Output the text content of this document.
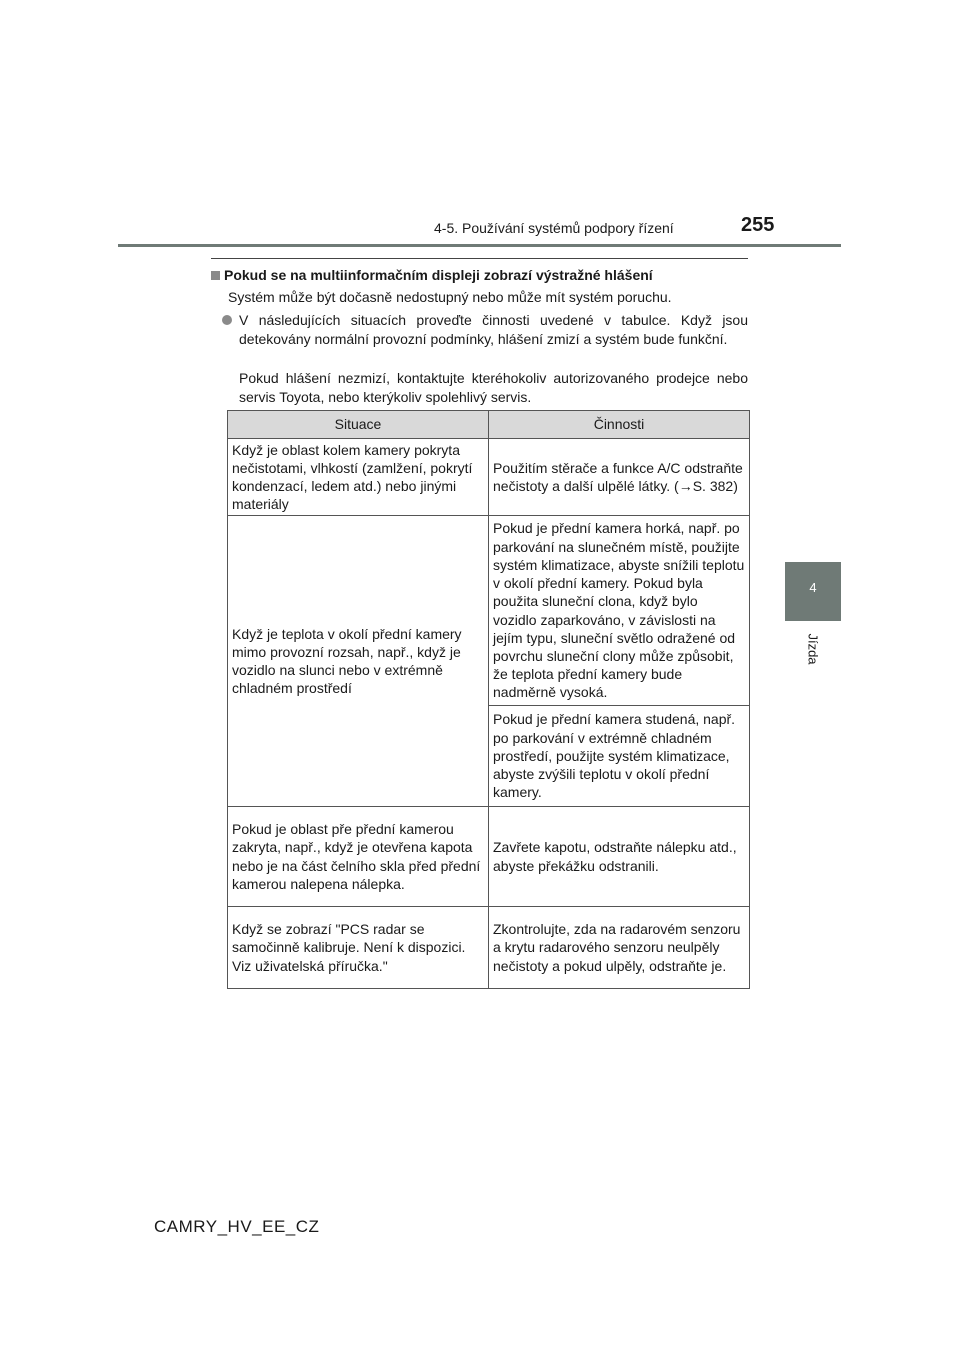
4-5. Používání systémů podpory řízení	255
4
Jízda
Pokud se na multiinformačním displeji zobrazí výstražné hlášení
Systém může být dočasně nedostupný nebo může mít systém poruchu.
V následujících situacích proveďte činnosti uvedené v tabulce. Když jsou detekovány normální provozní podmínky, hlášení zmizí a systém bude funkční.
Pokud hlášení nezmizí, kontaktujte kteréhokoliv autorizovaného prodejce nebo servis Toyota, nebo kterýkoliv spolehlivý servis.
Situace	Činnosti
Když je oblast kolem kamery pokryta nečistotami, vlhkostí (zamlžení, pokrytí kondenzací, ledem atd.) nebo jinými materiály	Použitím stěrače a funkce A/C odstraňte nečistoty a další ulpělé látky. (→S. 382)
Když je teplota v okolí přední kamery mimo provozní rozsah, např., když je vozidlo na slunci nebo v extrémně chladném prostředí	Pokud je přední kamera horká, např. po parkování na slunečném místě, použijte systém klimatizace, abyste snížili teplotu v okolí přední kamery. Pokud byla použita sluneční clona, když bylo vozidlo zaparkováno, v závislosti na jejím typu, sluneční světlo odražené od povrchu sluneční clony může způsobit, že teplota přední kamery bude nadměrně vysoká.
	Pokud je přední kamera studená, např. po parkování v extrémně chladném prostředí, použijte systém klimatizace, abyste zvýšili teplotu v okolí přední kamery.
Pokud je oblast pře přední kamerou zakryta, např., když je otevřena kapota nebo je na část čelního skla před přední kamerou nalepena nálepka.	Zavřete kapotu, odstraňte nálepku atd., abyste překážku odstranili.
Když se zobrazí "PCS radar se samočinně kalibruje. Není k dispozici. Viz uživatelská příručka."	Zkontrolujte, zda na radarovém senzoru a krytu radarového senzoru neulpěly nečistoty a pokud ulpěly, odstraňte je.
CAMRY_HV_EE_CZ
